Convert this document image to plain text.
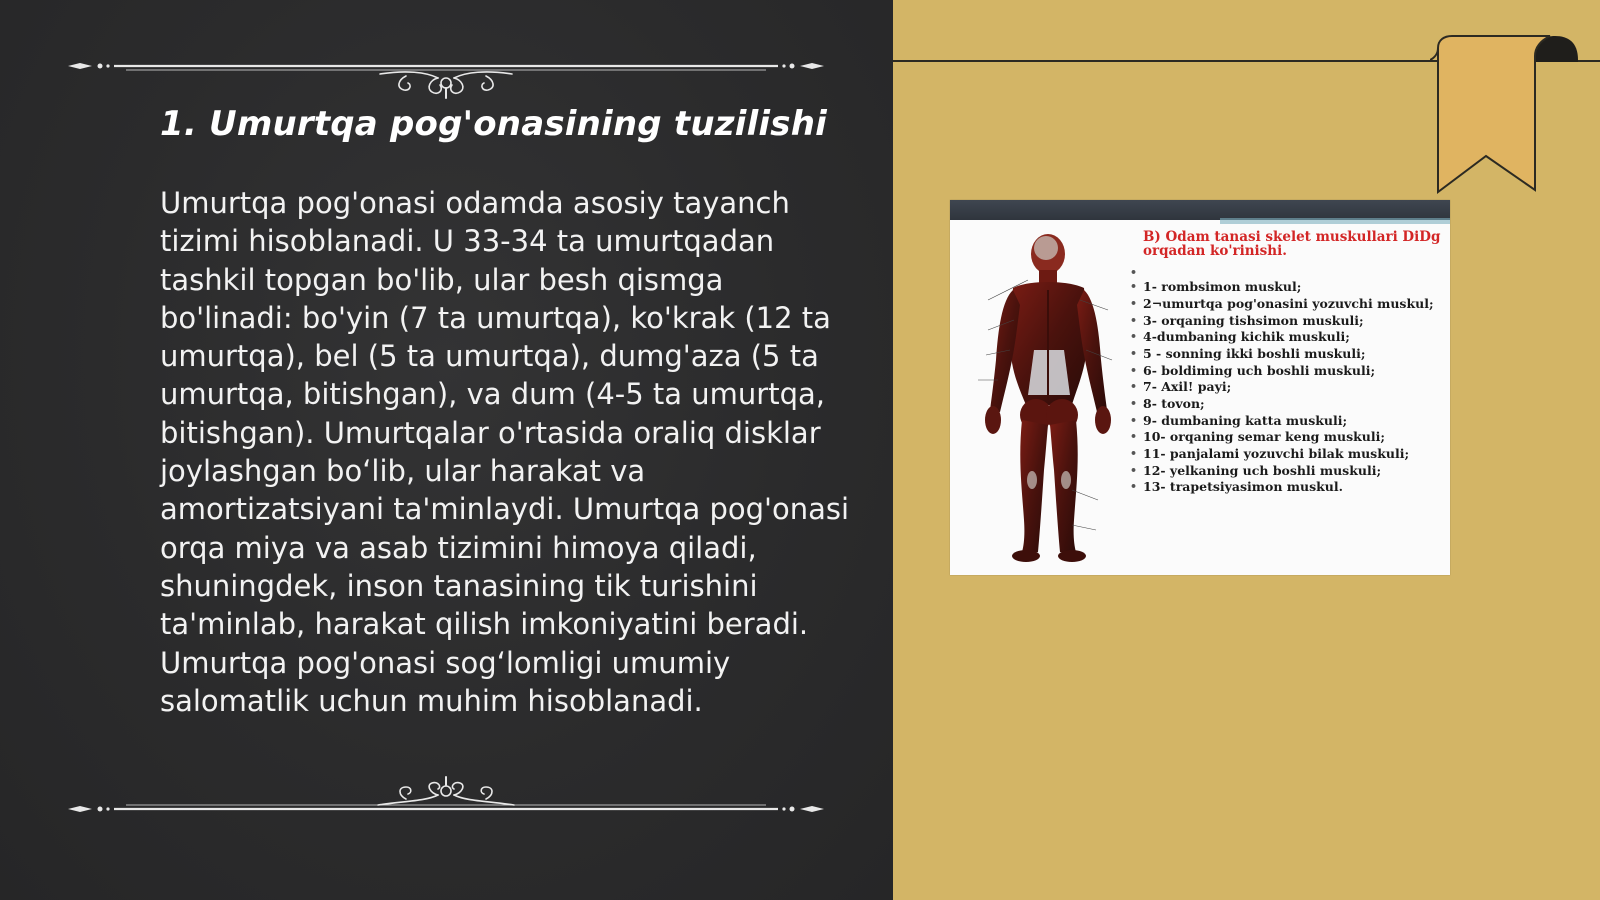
1. Umurtqa pog'onasining tuzilishi

Umurtqa pog'onasi odamda asosiy tayanch tizimi hisoblanadi. U 33-34 ta umurtqadan tashkil topgan bo'lib, ular besh qismga bo'linadi: bo'yin (7 ta umurtqa), ko'krak (12 ta umurtqa), bel (5 ta umurtqa), dumg'aza (5 ta umurtqa, bitishgan), va dum (4-5 ta umurtqa, bitishgan). Umurtqalar o'rtasida oraliq disklar joylashgan bo‘lib, ular harakat va amortizatsiyani ta'minlaydi. Umurtqa pog'onasi orqa miya va asab tizimini himoya qiladi, shuningdek, inson tanasining tik turishini ta'minlab, harakat qilish imkoniyatini beradi. Umurtqa pog'onasi sog‘lomligi umumiy salomatlik uchun muhim hisoblanadi.

B) Odam tanasi skelet muskullari DiDg orqadan ko'rinishi.
•
• 1- rombsimon muskul;
• 2¬umurtqa pog'onasini yozuvchi muskul;
• 3- orqaning tishsimon muskuli;
• 4-dumbaning kichik muskuli;
• 5 - sonning ikki boshli muskuli;
• 6- boldiming uch boshli muskuli;
• 7- Axil! payi;
• 8- tovon;
• 9- dumbaning katta muskuli;
• 10- orqaning semar keng muskuli;
• 11- panjalami yozuvchi bilak muskuli;
• 12- yelkaning uch boshli muskuli;
• 13- trapetsiyasimon muskul.
